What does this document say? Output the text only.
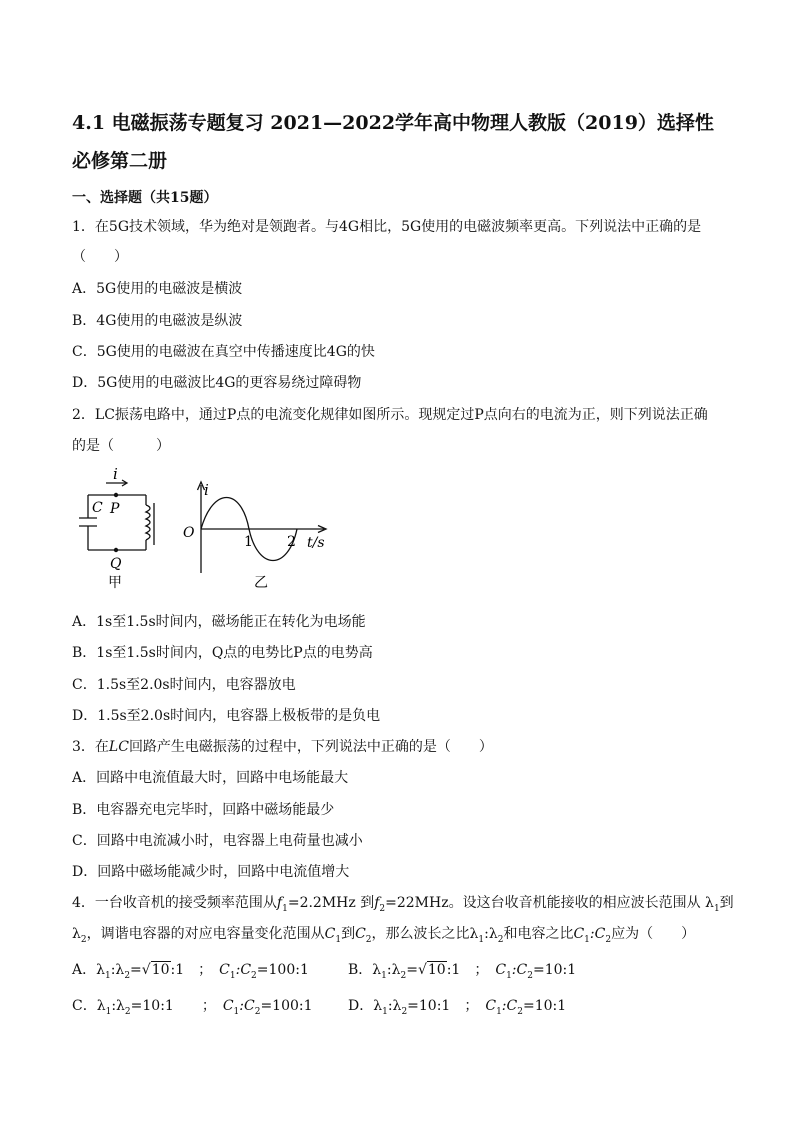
4.1 电磁振荡专题复习 2021—2022学年高中物理人教版（2019）选择性必修第二册
一、选择题（共15题）
1．在5G技术领域，华为绝对是领跑者。与4G相比，5G使用的电磁波频率更高。下列说法中正确的是
（　　）
A．5G使用的电磁波是横波
B．4G使用的电磁波是纵波
C．5G使用的电磁波在真空中传播速度比4G的快
D．5G使用的电磁波比4G的更容易绕过障碍物
2．LC振荡电路中，通过P点的电流变化规律如图所示。现规定过P点向右的电流为正，则下列说法正确
的是（　　　）
i
C P
Q
甲
i
O
1 2 t/s
乙
A．1s至1.5s时间内，磁场能正在转化为电场能
B．1s至1.5s时间内，Q点的电势比P点的电势高
C．1.5s至2.0s时间内，电容器放电
D．1.5s至2.0s时间内，电容器上极板带的是负电
3．在LC回路产生电磁振荡的过程中，下列说法中正确的是（　　）
A．回路中电流值最大时，回路中电场能最大
B．电容器充电完毕时，回路中磁场能最少
C．回路中电流减小时，电容器上电荷量也减小
D．回路中磁场能减少时，回路中电流值增大
4．一台收音机的接受频率范围从$f_1=2.2MHz$ 到$f_2=22MHz$。设这台收音机能接收的相应波长范围从 $\lambda_1$到
$\lambda_2$，调谐电容器的对应电容量变化范围从$C_1$到$C_2$，那么波长之比$\lambda_1:\lambda_2$和电容之比$C_1:C_2$应为（　　）
A．$\lambda_1:\lambda_2=√10:1$　；　 $C_1:C_2=100:1$	B．$\lambda_1:\lambda_2=√10:1$　；　 $C_1:C_2=10:1$
C．$\lambda_1:\lambda_2=10:1$　　；　 $C_1:C_2=100:1$	D．$\lambda_1:\lambda_2=10:1$　；　 $C_1:C_2=10:1$
